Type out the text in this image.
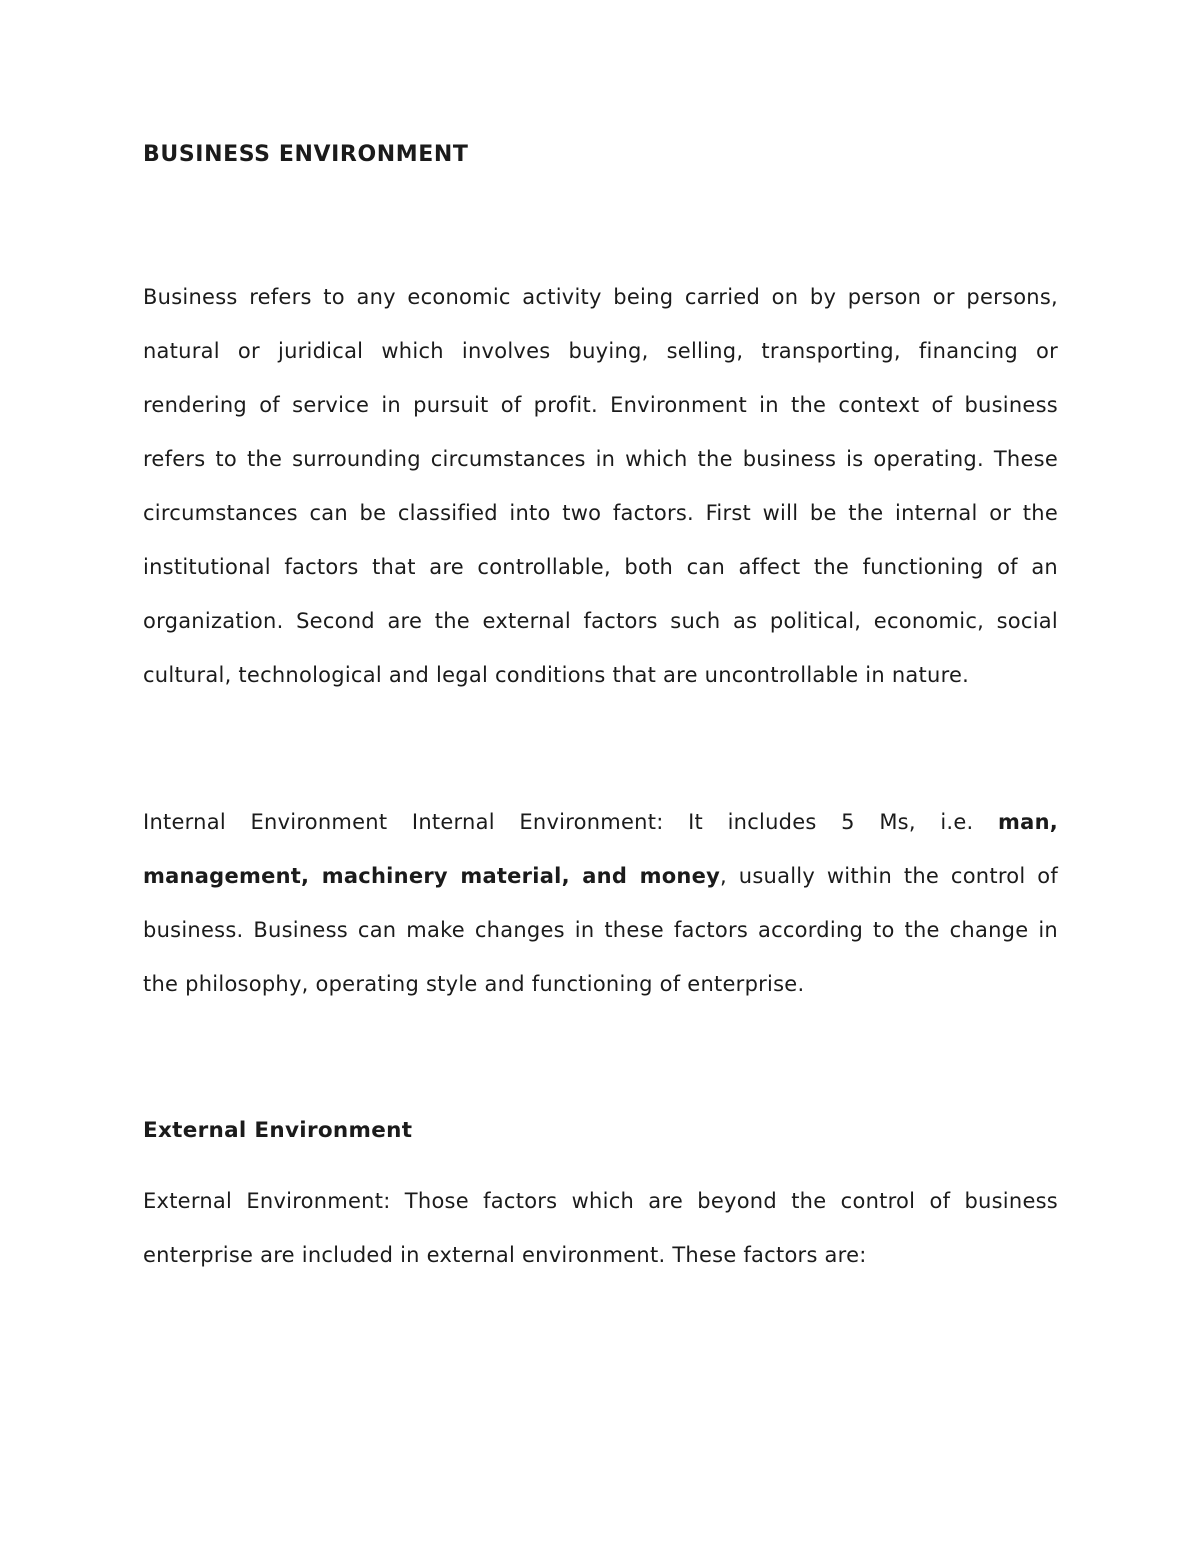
BUSINESS ENVIRONMENT

Business refers to any economic activity being carried on by person or persons, natural or juridical which involves buying, selling, transporting, financing or rendering of service in pursuit of profit. Environment in the context of business refers to the surrounding circumstances in which the business is operating. These circumstances can be classified into two factors. First will be the internal or the institutional factors that are controllable, both can affect the functioning of an organization. Second are the external factors such as political, economic, social cultural, technological and legal conditions that are uncontrollable in nature.

Internal Environment Internal Environment: It includes 5 Ms, i.e. man, management, machinery material, and money, usually within the control of business. Business can make changes in these factors according to the change in the philosophy, operating style and functioning of enterprise.

External Environment

External Environment: Those factors which are beyond the control of business enterprise are included in external environment. These factors are:
